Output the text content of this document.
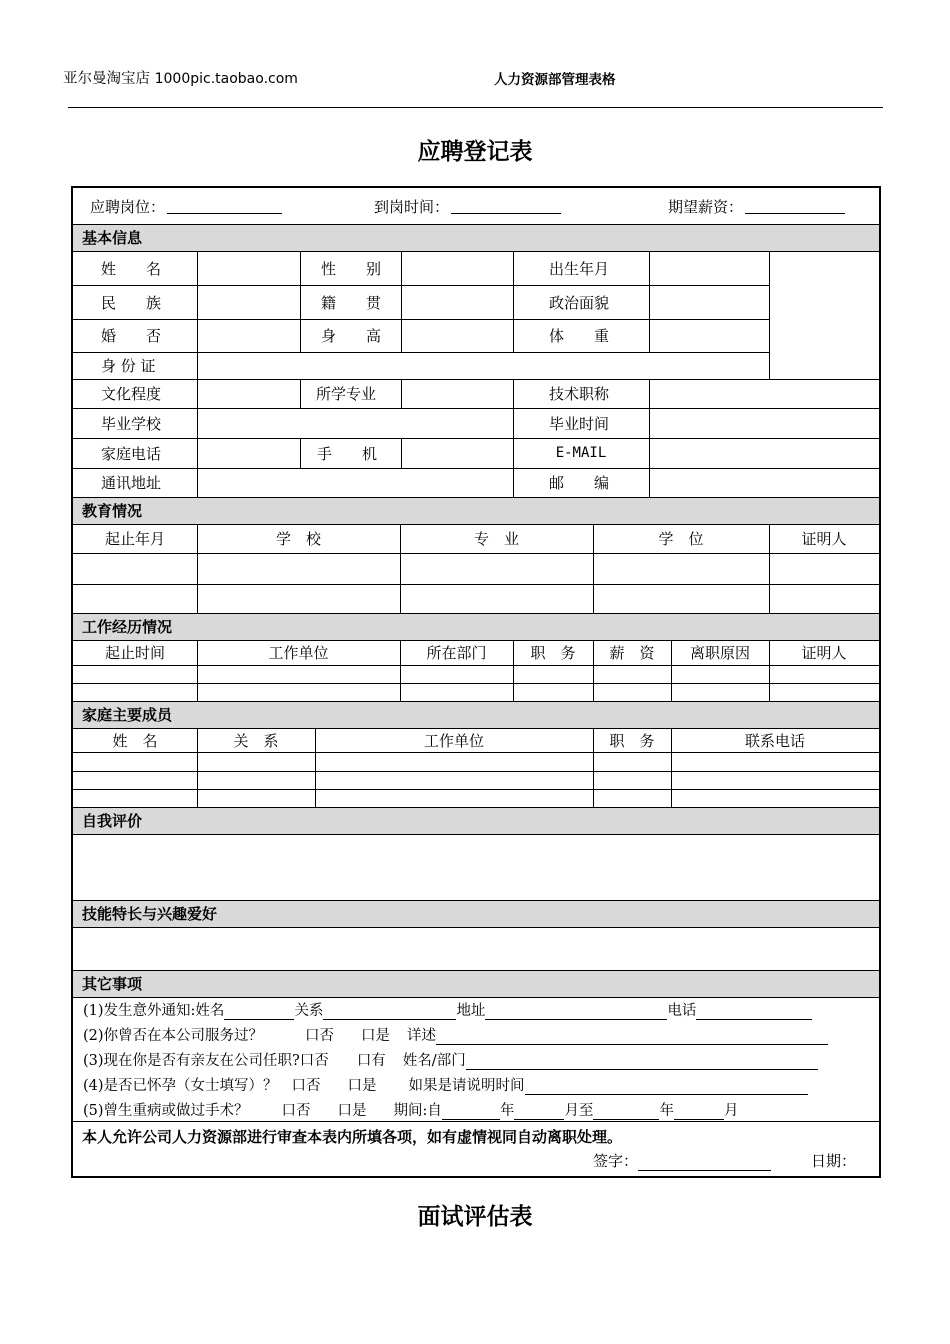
亚尔曼淘宝店 1000pic.taobao.com	人力资源部管理表格
应聘登记表
应聘岗位：	到岗时间：	期望薪资：
基本信息
教育情况
工作经历情况
家庭主要成员
自我评价
技能特长与兴趣爱好
其它事项
姓　　名	性　　别	出生年月
民　　族	籍　　贯	政治面貌
婚　　否	身　　高	体　　重
身 份 证
文化程度	所学专业	技术职称
毕业学校	毕业时间
家庭电话	手　　机	E-MAIL
通讯地址	邮　　编
起止年月	学　校	专　业	学　位	证明人
起止时间	工作单位	所在部门	职　务	薪　资	离职原因	证明人
姓　名	关　系	工作单位	职　务	联系电话
(1)发生意外通知:姓名	关系	地址	电话
(2)你曾否在本公司服务过？	口否 口是 详述
(3)现在你是否有亲友在公司任职?口否 口有 姓名/部门
(4)是否已怀孕（女士填写）？ 口否 口是 如果是请说明时间
(5)曾生重病或做过手术？ 口否 口是 期间:自	年	月至	年	月
本人允许公司人力资源部进行审查本表内所填各项，如有虚情视同自动离职处理。
签字：	日期：
面试评估表
